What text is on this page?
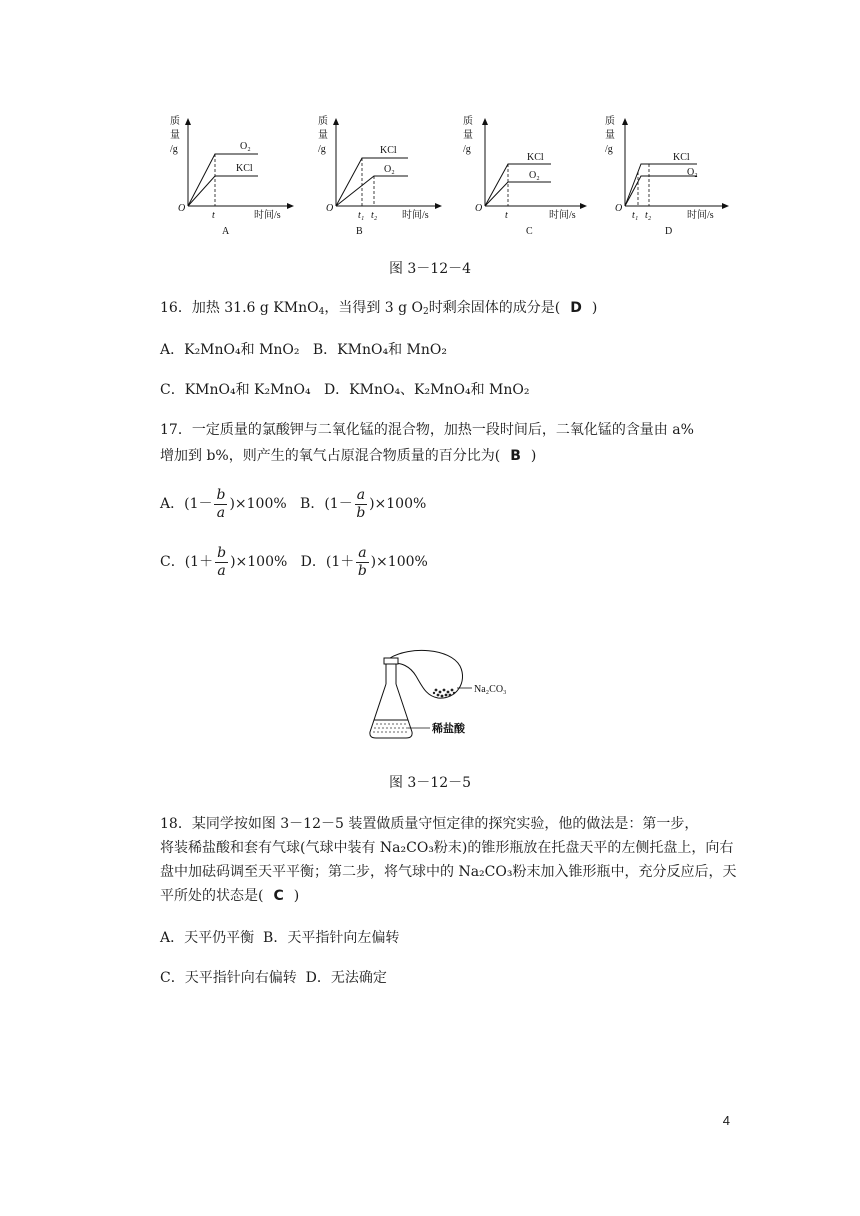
质
量
/g	O₂
KCl
O
t	时间/s
A
质
量
/g	KCl
O₂
O
t₁ t₂ 时间/s
B
质
量
/g
KCl
O₂
O
t	时间/s
C
质
量
/g
KCl
O₂
O
t₁ t₂	时间/s
D
图 3－12－4
16．加热 31.6 g KMnO$_4$，当得到 3 g $O_2$时剩余固体的成分是( D )
A．K₂MnO₄和 MnO₂ B．KMnO₄和 MnO₂
C．KMnO₄和 K₂MnO₄ D．KMnO₄、K₂MnO₄和 MnO₂
17．一定质量的氯酸钾与二氧化锰的混合物，加热一段时间后，二氧化锰的含量由 a%
增加到 b%，则产生的氧气占原混合物质量的百分比为( B )
A．$(1- \frac{b}{a} )\times 100\%$ B．$(1- \frac{a}{b} )\times 100\%$
C．$(1+ \frac{b}{a} )\times 100\%$ D．$(1+ \frac{a}{b} )\times 100\%$
Na₂CO₃
稀盐酸
图 3－12－5
18．某同学按如图 3－12－5 装置做质量守恒定律的探究实验，他的做法是：第一步，
将装稀盐酸和套有气球(气球中装有 Na₂CO₃粉末)的锥形瓶放在托盘天平的左侧托盘上，向右
盘中加砝码调至天平平衡；第二步，将气球中的 Na₂CO₃粉末加入锥形瓶中，充分反应后，天
平所处的状态是( C )
A．天平仍平衡 B．天平指针向左偏转
C．天平指针向右偏转 D．无法确定
4
